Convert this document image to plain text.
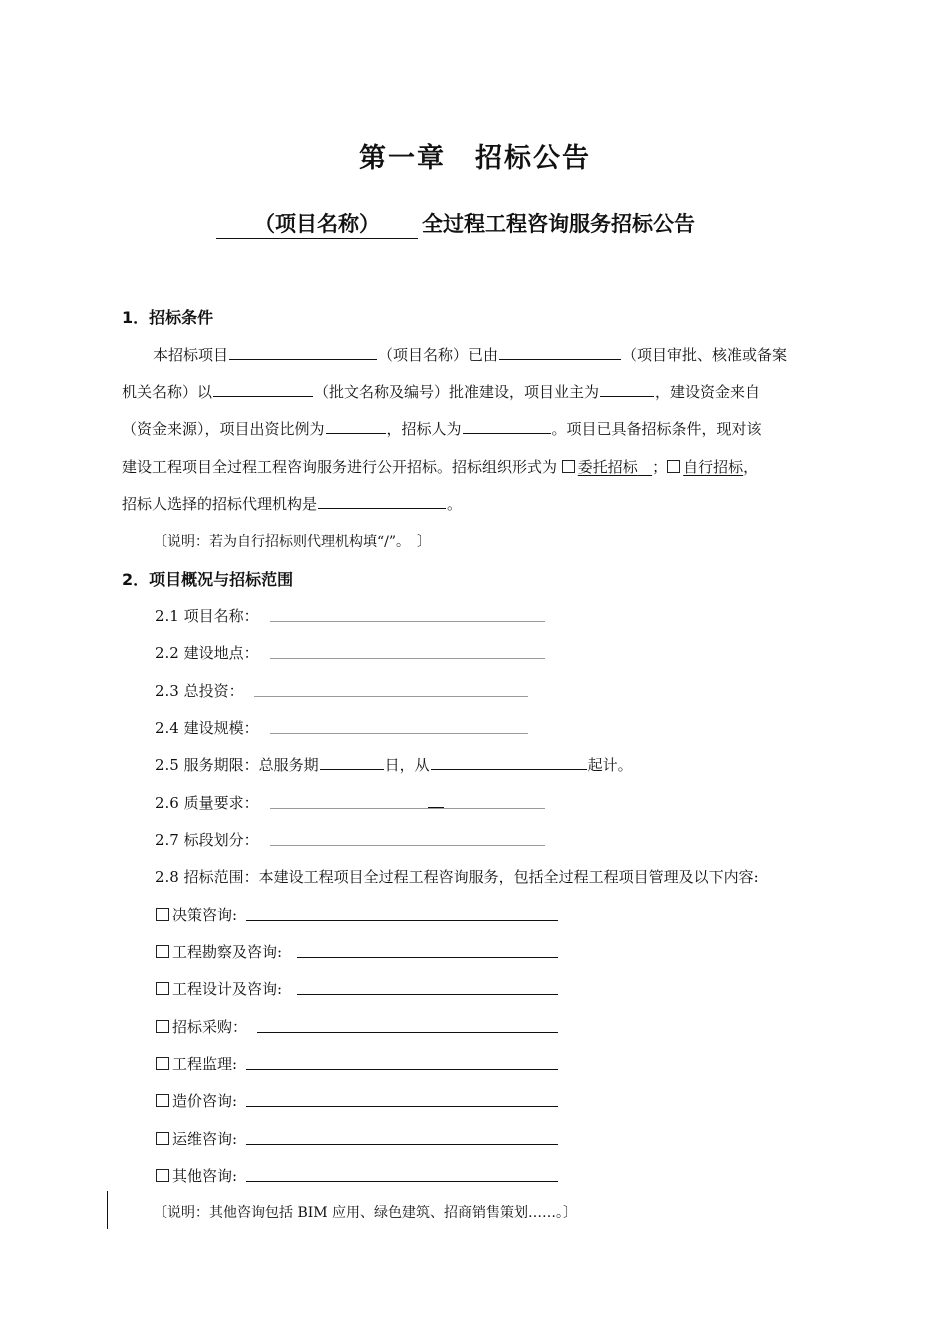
第一章　招标公告
（项目名称） 全过程工程咨询服务招标公告
1．招标条件
本招标项目	（项目名称）已由	（项目审批、核准或备案
机关名称）以	（批文名称及编号）批准建设，项目业主为	，建设资金来自
（资金来源），项目出资比例为	，招标人为	。项目已具备招标条件，现对该
建设工程项目全过程工程咨询服务进行公开招标。招标组织形式为 委托招标 ； 自行招标，
招标人选择的招标代理机构是	。
〔说明：若为自行招标则代理机构填“/”。　〕
2．项目概况与招标范围
2.1 项目名称：
2.2 建设地点：
2.3 总投资：
2.4 建设规模：
2.5 服务期限：总服务期	日，从	起计。
2.6 质量要求：
2.7 标段划分：
2.8 招标范围：本建设工程项目全过程工程咨询服务，包括全过程工程项目管理及以下内容:
决策咨询:
工程勘察及咨询:
工程设计及咨询:
招标采购：
工程监理:
造价咨询:
运维咨询:
其他咨询:
〔说明：其他咨询包括 BIM 应用、绿色建筑、招商销售策划……。〕
